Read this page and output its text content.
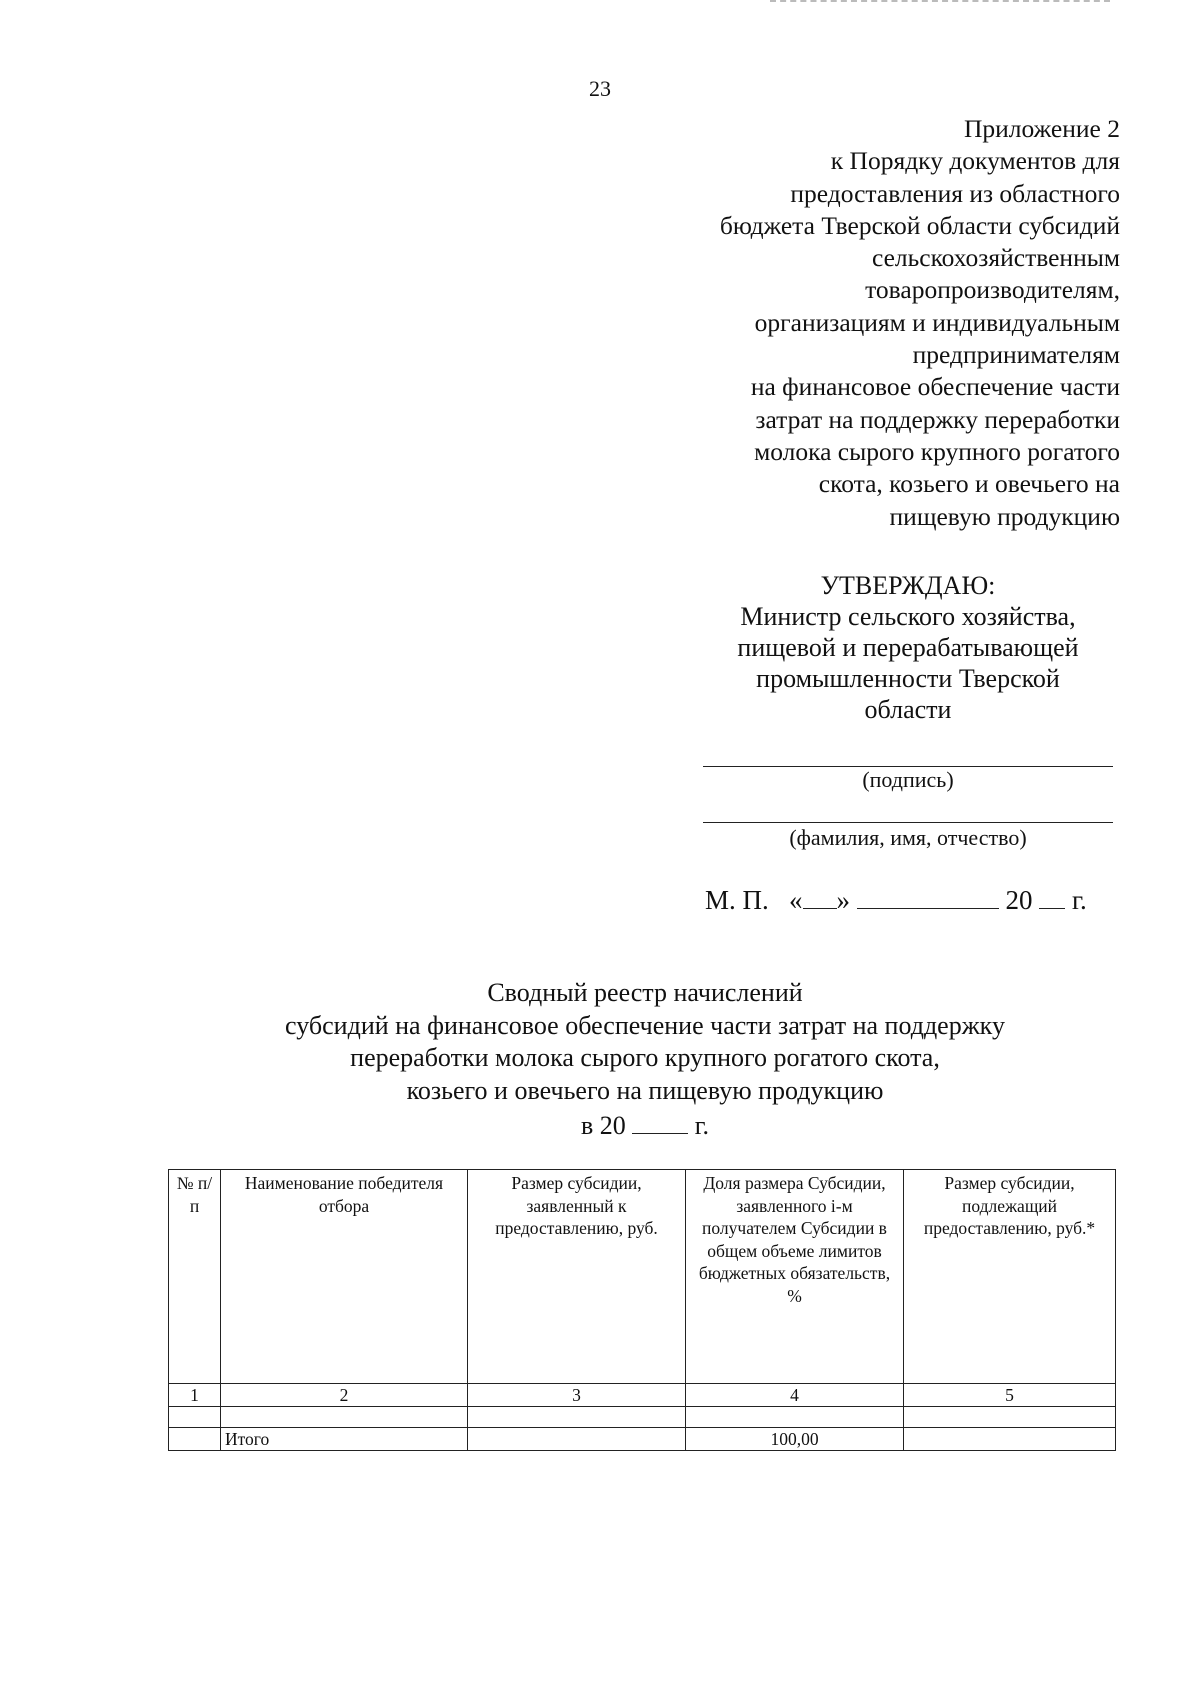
23
Приложение 2
к Порядку документов для
предоставления из областного
бюджета Тверской области субсидий
сельскохозяйственным
товаропроизводителям,
организациям и индивидуальным
предпринимателям
на финансовое обеспечение части
затрат на поддержку переработки
молока сырого крупного рогатого
скота, козьего и овечьего на
пищевую продукцию
УТВЕРЖДАЮ:
Министр сельского хозяйства,
пищевой и перерабатывающей
промышленности Тверской
области
(подпись)
(фамилия, имя, отчество)
М. П. « »	20 г.
Сводный реестр начислений
субсидий на финансовое обеспечение части затрат на поддержку
переработки молока сырого крупного рогатого скота,
козьего и овечьего на пищевую продукцию
в 20	г.
№ п/п	Наименование победителя отбора	Размер субсидии, заявленный к предоставлению, руб.	Доля размера Субсидии, заявленного i-м получателем Субсидии в общем объеме лимитов бюджетных обязательств, %	Размер субсидии, подлежащий предоставлению, руб.*
1	2	3	4	5

	Итого		100,00	
